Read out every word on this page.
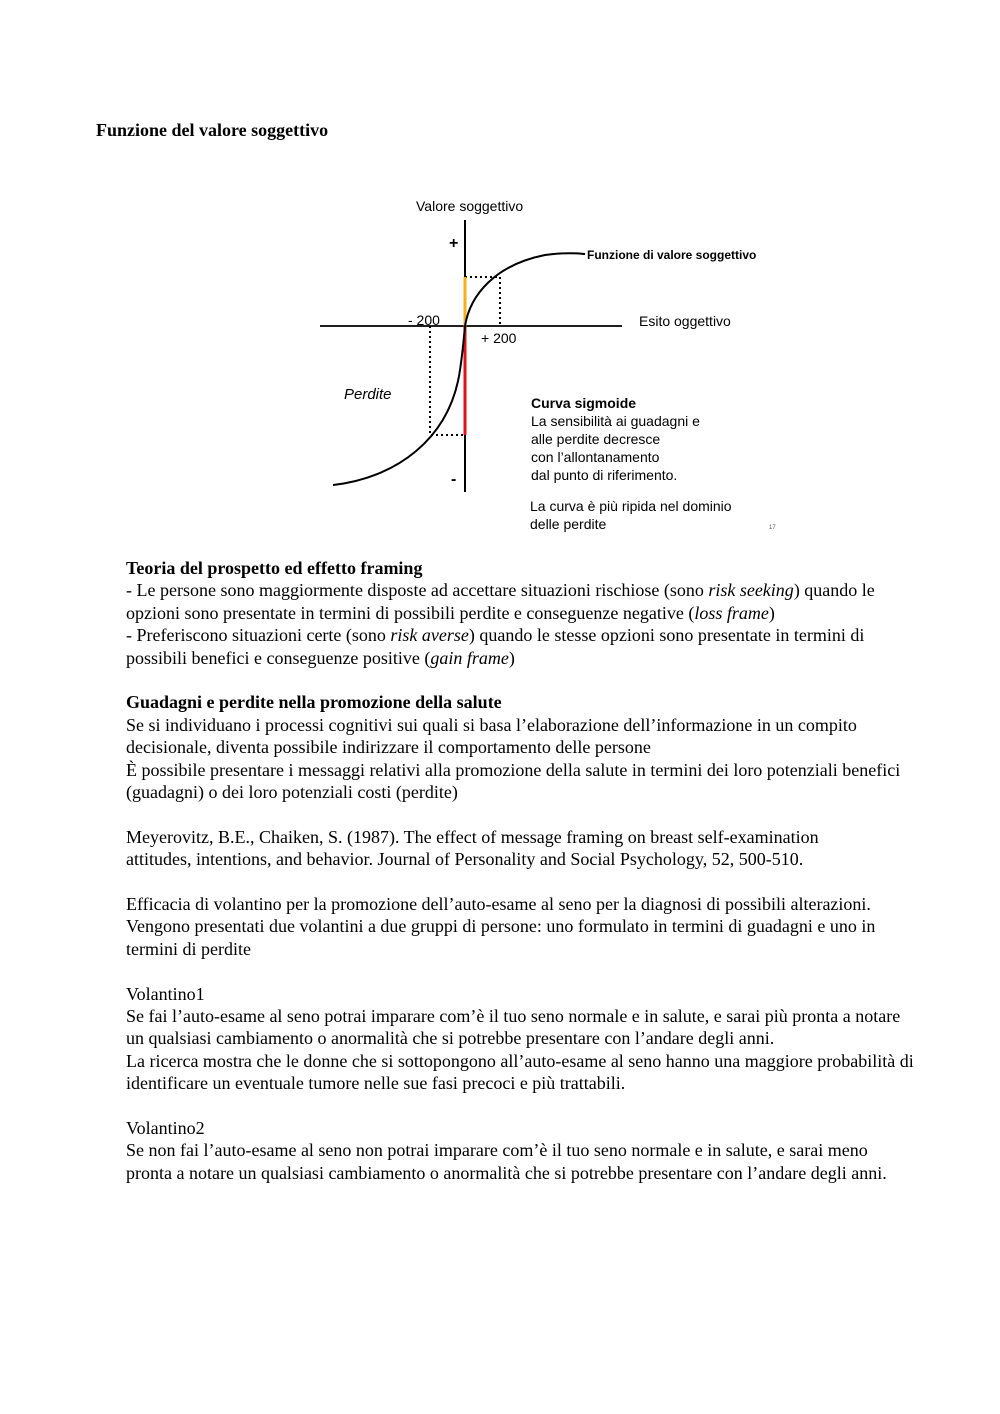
Funzione del valore soggettivo
Valore soggettivo
+
Funzione di valore soggettivo
Esito oggettivo
- 200
+ 200
Perdite
-
Curva sigmoide
La sensibilità ai guadagni e
alle perdite decresce
con l’allontanamento
dal punto di riferimento.
La curva è più ripida nel dominio
delle perdite	17
Teoria del prospetto ed effetto framing

- Le persone sono maggiormente disposte ad accettare situazioni rischiose (sono risk seeking) quando le opzioni sono presentate in termini di possibili perdite e conseguenze negative (loss frame)

- Preferiscono situazioni certe (sono risk averse) quando le stesse opzioni sono presentate in termini di possibili benefici e conseguenze positive (gain frame)

Guadagni e perdite nella promozione della salute

Se si individuano i processi cognitivi sui quali si basa l’elaborazione dell’informazione in un compito decisionale, diventa possibile indirizzare il comportamento delle persone

È possibile presentare i messaggi relativi alla promozione della salute in termini dei loro potenziali benefici (guadagni) o dei loro potenziali costi (perdite)

Meyerovitz, B.E., Chaiken, S. (1987). The effect of message framing on breast self-examination

attitudes, intentions, and behavior. Journal of Personality and Social Psychology, 52, 500-510.

Efficacia di volantino per la promozione dell’auto-esame al seno per la diagnosi di possibili alterazioni.

Vengono presentati due volantini a due gruppi di persone: uno formulato in termini di guadagni e uno in termini di perdite

Volantino1

Se fai l’auto-esame al seno potrai imparare com’è il tuo seno normale e in salute, e sarai più pronta a notare un qualsiasi cambiamento o anormalità che si potrebbe presentare con l’andare degli anni.

La ricerca mostra che le donne che si sottopongono all’auto-esame al seno hanno una maggiore probabilità di identificare un eventuale tumore nelle sue fasi precoci e più trattabili.

Volantino2

Se non fai l’auto-esame al seno non potrai imparare com’è il tuo seno normale e in salute, e sarai meno pronta a notare un qualsiasi cambiamento o anormalità che si potrebbe presentare con l’andare degli anni.
